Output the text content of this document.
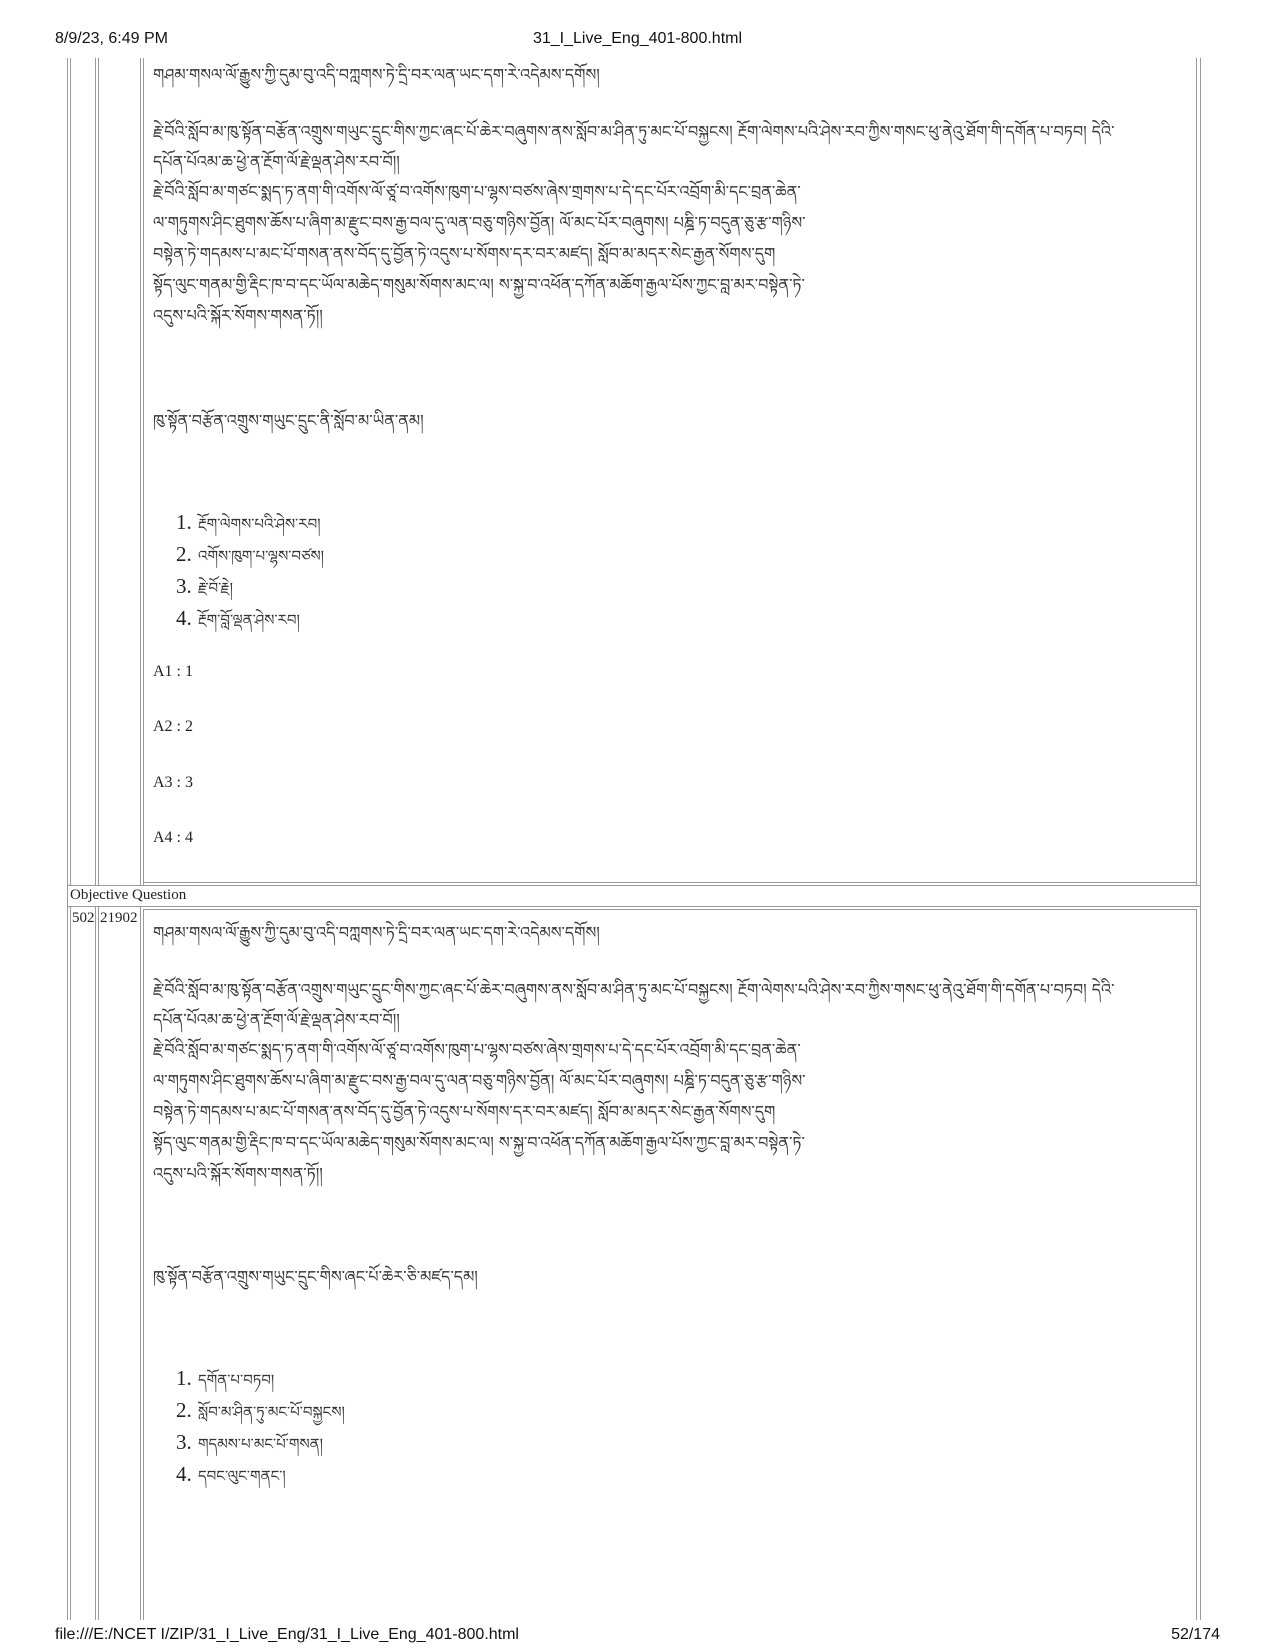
8/9/23, 6:49 PM	31_I_Live_Eng_401-800.html
གཤམ་གསལ་ལོ་རྒྱུས་ཀྱི་དུམ་བུ་འདི་བཀླགས་ཏེ་དྲི་བར་ལན་ཡང་དག་རེ་འདེམས་དགོས།
རྗེ་བོའི་སློབ་མ་ཁུ་སྟོན་བརྩོན་འགྲུས་གཡུང་དྲུང་གིས་ཀྱང་ཞང་པོ་ཆེར་བཞུགས་ནས་སློབ་མ་ཤིན་ཏུ་མང་པོ་བསྐྱངས། རྔོག་ལེགས་པའི་ཤེས་རབ་ཀྱིས་གསང་ཕུ་ནེའུ་ཐོག་གི་དགོན་པ་བཏབ། དེའི་
དཔོན་པོའམ་ཆ་ཕྱེ་ན་རྔོག་ལོ་རྗེ་ལྡན་ཤེས་རབ་བོ།།
རྗེ་བོའི་སློབ་མ་གཙང་སྨད་ཏ་ནག་གི་འགོས་ལོ་ཙཱ་བ་འགོས་ཁུག་པ་ལྷས་བཙས་ཞེས་གྲགས་པ་དེ་དང་པོར་འབྲོག་མི་དང་བྲན་ཆེན་
ལ་གཏུགས་ཤིང་ཐུགས་ཆོས་པ་ཞིག་མ་རྫུང་བས་རྒྱ་བལ་དུ་ལན་བཅུ་གཉིས་བྱོན། ལོ་མང་པོར་བཞུགས། པཎྜི་ཏ་བདུན་ཅུ་རྩ་གཉིས་
བསྟེན་ཏེ་གདམས་པ་མང་པོ་གསན་ནས་བོད་དུ་བྱོན་ཏེ་འདུས་པ་སོགས་དར་བར་མཛད། སློབ་མ་མདར་སེང་རྒྱན་སོགས་དུག
སྟོད་ལུང་གནམ་གྱི་རྡིང་ཁ་བ་དང་ཡོལ་མཆེད་གསུམ་སོགས་མང་ལ། ས་སྐྱ་བ་འཕོན་དཀོན་མཆོག་རྒྱལ་པོས་ཀྱང་བླ་མར་བསྟེན་ཏེ་
འདུས་པའི་སྐོར་སོགས་གསན་ཏོ།།
ཁུ་སྟོན་བརྩོན་འགྲུས་གཡུང་དྲུང་ནི་སློབ་མ་ཡིན་ནམ།
1. རྔོག་ལེགས་པའི་ཤེས་རབ།
2. འགོས་ཁུག་པ་ལྷས་བཙས།
3. རྗེ་བོ་རྗེ།
4. རྔོག་བློ་ལྡན་ཤེས་རབ།
A1 : 1
A2 : 2
A3 : 3
A4 : 4
Objective Question
502 21902
གཤམ་གསལ་ལོ་རྒྱུས་ཀྱི་དུམ་བུ་འདི་བཀླགས་ཏེ་དྲི་བར་ལན་ཡང་དག་རེ་འདེམས་དགོས།
རྗེ་བོའི་སློབ་མ་ཁུ་སྟོན་བརྩོན་འགྲུས་གཡུང་དྲུང་གིས་ཀྱང་ཞང་པོ་ཆེར་བཞུགས་ནས་སློབ་མ་ཤིན་ཏུ་མང་པོ་བསྐྱངས། རྔོག་ལེགས་པའི་ཤེས་རབ་ཀྱིས་གསང་ཕུ་ནེའུ་ཐོག་གི་དགོན་པ་བཏབ། དེའི་
དཔོན་པོའམ་ཆ་ཕྱེ་ན་རྔོག་ལོ་རྗེ་ལྡན་ཤེས་རབ་བོ།།
རྗེ་བོའི་སློབ་མ་གཙང་སྨད་ཏ་ནག་གི་འགོས་ལོ་ཙཱ་བ་འགོས་ཁུག་པ་ལྷས་བཙས་ཞེས་གྲགས་པ་དེ་དང་པོར་འབྲོག་མི་དང་བྲན་ཆེན་
ལ་གཏུགས་ཤིང་ཐུགས་ཆོས་པ་ཞིག་མ་རྫུང་བས་རྒྱ་བལ་དུ་ལན་བཅུ་གཉིས་བྱོན། ལོ་མང་པོར་བཞུགས། པཎྜི་ཏ་བདུན་ཅུ་རྩ་གཉིས་
བསྟེན་ཏེ་གདམས་པ་མང་པོ་གསན་ནས་བོད་དུ་བྱོན་ཏེ་འདུས་པ་སོགས་དར་བར་མཛད། སློབ་མ་མདར་སེང་རྒྱན་སོགས་དུག
སྟོད་ལུང་གནམ་གྱི་རྡིང་ཁ་བ་དང་ཡོལ་མཆེད་གསུམ་སོགས་མང་ལ། ས་སྐྱ་བ་འཕོན་དཀོན་མཆོག་རྒྱལ་པོས་ཀྱང་བླ་མར་བསྟེན་ཏེ་
འདུས་པའི་སྐོར་སོགས་གསན་ཏོ།།
ཁུ་སྟོན་བརྩོན་འགྲུས་གཡུང་དྲུང་གིས་ཞང་པོ་ཆེར་ཅི་མཛད་དམ།
1. དགོན་པ་བཏབ།
2. སློབ་མ་ཤིན་ཏུ་མང་པོ་བསྐྱངས།
3. གདམས་པ་མང་པོ་གསན།
4. དབང་ལུང་གནང་།
file:///E:/NCET I/ZIP/31_I_Live_Eng/31_I_Live_Eng_401-800.html	52/174
